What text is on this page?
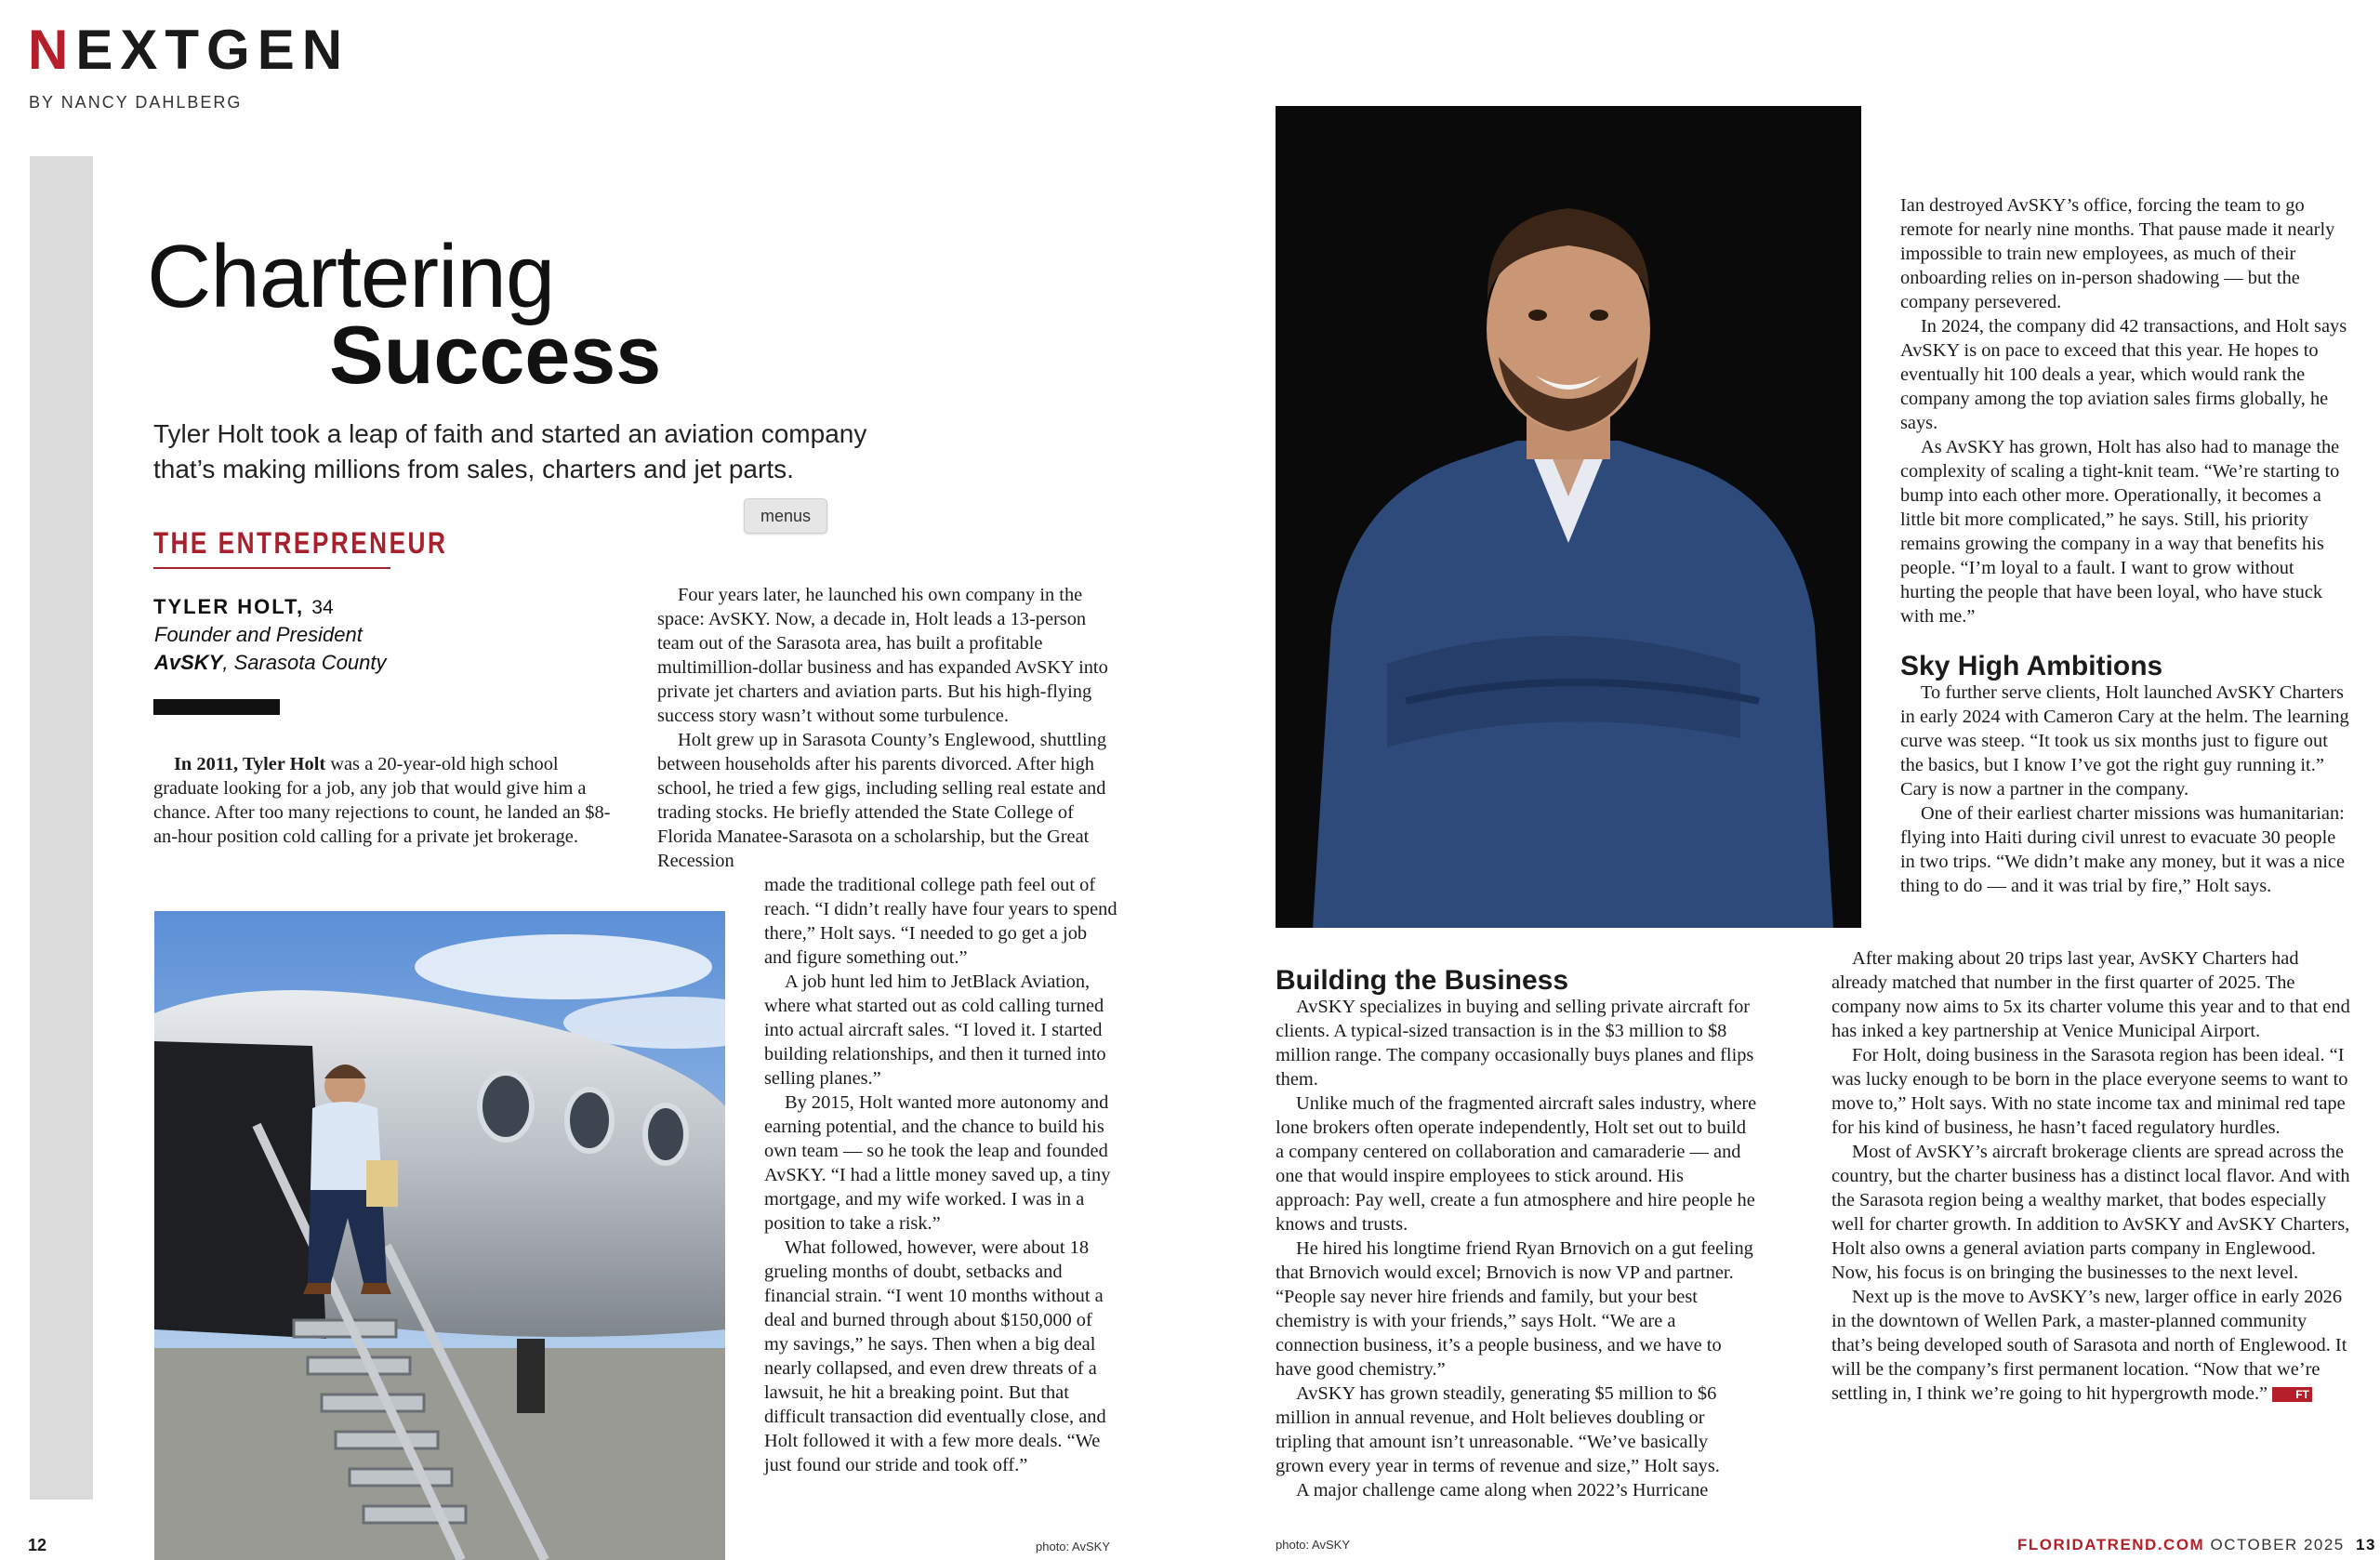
NEXTGEN
BY NANCY DAHLBERG
Chartering
Success
Tyler Holt took a leap of faith and started an aviation company that’s making millions from sales, charters and jet parts.
menus
THE ENTREPRENEUR
TYLER HOLT, 34
Founder and President
AvSKY, Sarasota County

In 2011, Tyler Holt was a 20-year-old high school graduate looking for a job, any job that would give him a chance. After too many rejections to count, he landed an $8-an-hour position cold calling for a private jet brokerage.

Four years later, he launched his own company in the space: AvSKY. Now, a decade in, Holt leads a 13-person team out of the Sarasota area, has built a profitable multimillion-dollar business and has expanded AvSKY into private jet charters and aviation parts. But his high-flying success story wasn’t without some turbulence.

Holt grew up in Sarasota County’s Englewood, shuttling between households after his parents divorced. After high school, he tried a few gigs, including selling real estate and trading stocks. He briefly attended the State College of Florida Manatee-Sarasota on a scholarship, but the Great Recession

made the traditional college path feel out of reach. “I didn’t really have four years to spend there,” Holt says. “I needed to go get a job and figure something out.”

A job hunt led him to JetBlack Aviation, where what started out as cold calling turned into actual aircraft sales. “I loved it. I started building relationships, and then it turned into selling planes.”

By 2015, Holt wanted more autonomy and earning potential, and the chance to build his own team — so he took the leap and founded AvSKY. “I had a little money saved up, a tiny mortgage, and my wife worked. I was in a position to take a risk.”

What followed, however, were about 18 grueling months of doubt, setbacks and financial strain. “I went 10 months without a deal and burned through about $150,000 of my savings,” he says. Then when a big deal nearly collapsed, and even drew threats of a lawsuit, he hit a breaking point. But that difficult transaction did eventually close, and Holt followed it with a few more deals. “We just found our stride and took off.”

Building the Business

AvSKY specializes in buying and selling private aircraft for clients. A typical-sized transaction is in the $3 million to $8 million range. The company occasionally buys planes and flips them.

Unlike much of the fragmented aircraft sales industry, where lone brokers often operate independently, Holt set out to build a company centered on collaboration and camaraderie — and one that would inspire employees to stick around. His approach: Pay well, create a fun atmosphere and hire people he knows and trusts.

He hired his longtime friend Ryan Brnovich on a gut feeling that Brnovich would excel; Brnovich is now VP and partner. “People say never hire friends and family, but your best chemistry is with your friends,” says Holt. “We are a connection business, it’s a people business, and we have to have good chemistry.”

AvSKY has grown steadily, generating $5 million to $6 million in annual revenue, and Holt believes doubling or tripling that amount isn’t unreasonable. “We’ve basically grown every year in terms of revenue and size,” Holt says.

A major challenge came along when 2022’s Hurricane

Ian destroyed AvSKY’s office, forcing the team to go remote for nearly nine months. That pause made it nearly impossible to train new employees, as much of their onboarding relies on in-person shadowing — but the company persevered.

In 2024, the company did 42 transactions, and Holt says AvSKY is on pace to exceed that this year. He hopes to eventually hit 100 deals a year, which would rank the company among the top aviation sales firms globally, he says.

As AvSKY has grown, Holt has also had to manage the complexity of scaling a tight-knit team. “We’re starting to bump into each other more. Operationally, it becomes a little bit more complicated,” he says. Still, his priority remains growing the company in a way that benefits his people. “I’m loyal to a fault. I want to grow without hurting the people that have been loyal, who have stuck with me.”

Sky High Ambitions

To further serve clients, Holt launched AvSKY Charters in early 2024 with Cameron Cary at the helm. The learning curve was steep. “It took us six months just to figure out the basics, but I know I’ve got the right guy running it.” Cary is now a partner in the company.

One of their earliest charter missions was humanitarian: flying into Haiti during civil unrest to evacuate 30 people in two trips. “We didn’t make any money, but it was a nice thing to do — and it was trial by fire,” Holt says.

After making about 20 trips last year, AvSKY Charters had already matched that number in the first quarter of 2025. The company now aims to 5x its charter volume this year and to that end has inked a key partnership at Venice Municipal Airport.

For Holt, doing business in the Sarasota region has been ideal. “I was lucky enough to be born in the place everyone seems to want to move to,” Holt says. With no state income tax and minimal red tape for his kind of business, he hasn’t faced regulatory hurdles.

Most of AvSKY’s aircraft brokerage clients are spread across the country, but the charter business has a distinct local flavor. And with the Sarasota region being a wealthy market, that bodes especially well for charter growth. In addition to AvSKY and AvSKY Charters, Holt also owns a general aviation parts company in Englewood. Now, his focus is on bringing the businesses to the next level.

Next up is the move to AvSKY’s new, larger office in early 2026 in the downtown of Wellen Park, a master-planned community that’s being developed south of Sarasota and north of Englewood. It will be the company’s first permanent location. “Now that we’re settling in, I think we’re going to hit hypergrowth mode.”	FT

photo: AvSKY	photo: AvSKY
12	FLORIDATREND.COM OCTOBER 2025 13
